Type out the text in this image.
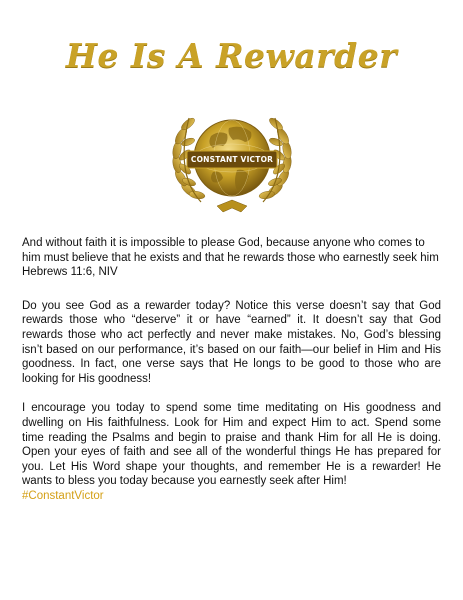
He Is A Rewarder
CONSTANT VICTOR

And without faith it is impossible to please God, because anyone who comes to him must believe that he exists and that he rewards those who earnestly seek him

Hebrews 11:6, NIV

Do you see God as a rewarder today? Notice this verse doesn’t say that God rewards those who “deserve” it or have “earned” it. It doesn’t say that God rewards those who act perfectly and never make mistakes. No, God’s blessing isn’t based on our performance, it’s based on our faith—our belief in Him and His goodness. In fact, one verse says that He longs to be good to those who are looking for His goodness!

I encourage you today to spend some time meditating on His goodness and dwelling on His faithfulness. Look for Him and expect Him to act. Spend some time reading the Psalms and begin to praise and thank Him for all He is doing. Open your eyes of faith and see all of the wonderful things He has prepared for you. Let His Word shape your thoughts, and remember He is a rewarder! He wants to bless you today because you earnestly seek after Him!

#ConstantVictor
